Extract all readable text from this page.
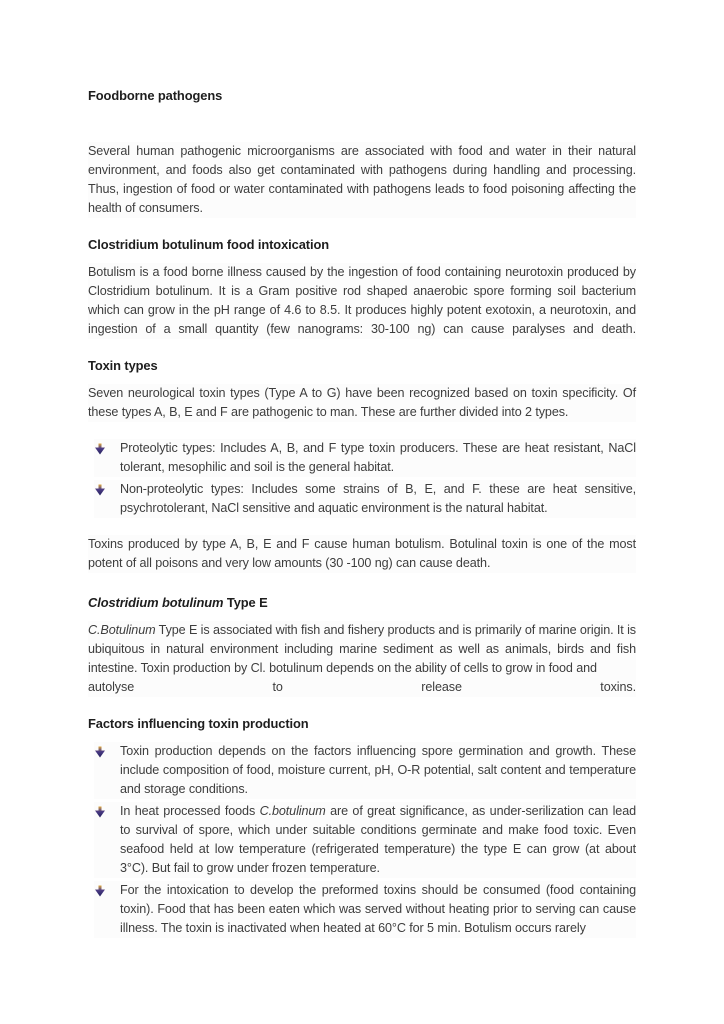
Foodborne pathogens

Several human pathogenic microorganisms are associated with food and water in their natural environment, and foods also get contaminated with pathogens during handling and processing. Thus, ingestion of food or water contaminated with pathogens leads to food poisoning affecting the health of consumers.

Clostridium botulinum food intoxication

Botulism is a food borne illness caused by the ingestion of food containing neurotoxin produced by Clostridium botulinum. It is a Gram positive rod shaped anaerobic spore forming soil bacterium which can grow in the pH range of 4.6 to 8.5. It produces highly potent exotoxin, a neurotoxin, and ingestion of a small quantity (few nanograms: 30-100 ng) can cause paralyses and death.

Toxin types

Seven neurological toxin types (Type A to G) have been recognized based on toxin specificity. Of these types A, B, E and F are pathogenic to man. These are further divided into 2 types.

Proteolytic types: Includes A, B, and F type toxin producers. These are heat resistant, NaCl tolerant, mesophilic and soil is the general habitat.
Non-proteolytic types: Includes some strains of B, E, and F. these are heat sensitive, psychrotolerant, NaCl sensitive and aquatic environment is the natural habitat.

Toxins produced by type A, B, E and F cause human botulism. Botulinal toxin is one of the most potent of all poisons and very low amounts (30 -100 ng) can cause death.

Clostridium botulinum Type E

C.Botulinum Type E is associated with fish and fishery products and is primarily of marine origin. It is ubiquitous in natural environment including marine sediment as well as animals, birds and fish intestine. Toxin production by Cl. botulinum depends on the ability of cells to grow in food and

autolyse	to	release	toxins.
Factors influencing toxin production
Toxin production depends on the factors influencing spore germination and growth. These include composition of food, moisture current, pH, O-R potential, salt content and temperature and storage conditions.
In heat processed foods C.botulinum are of great significance, as under-serilization can lead to survival of spore, which under suitable conditions germinate and make food toxic. Even seafood held at low temperature (refrigerated temperature) the type E can grow (at about 3°C). But fail to grow under frozen temperature.
For the intoxication to develop the preformed toxins should be consumed (food containing toxin). Food that has been eaten which was served without heating prior to serving can cause illness. The toxin is inactivated when heated at 60°C for 5 min. Botulism occurs rarely
